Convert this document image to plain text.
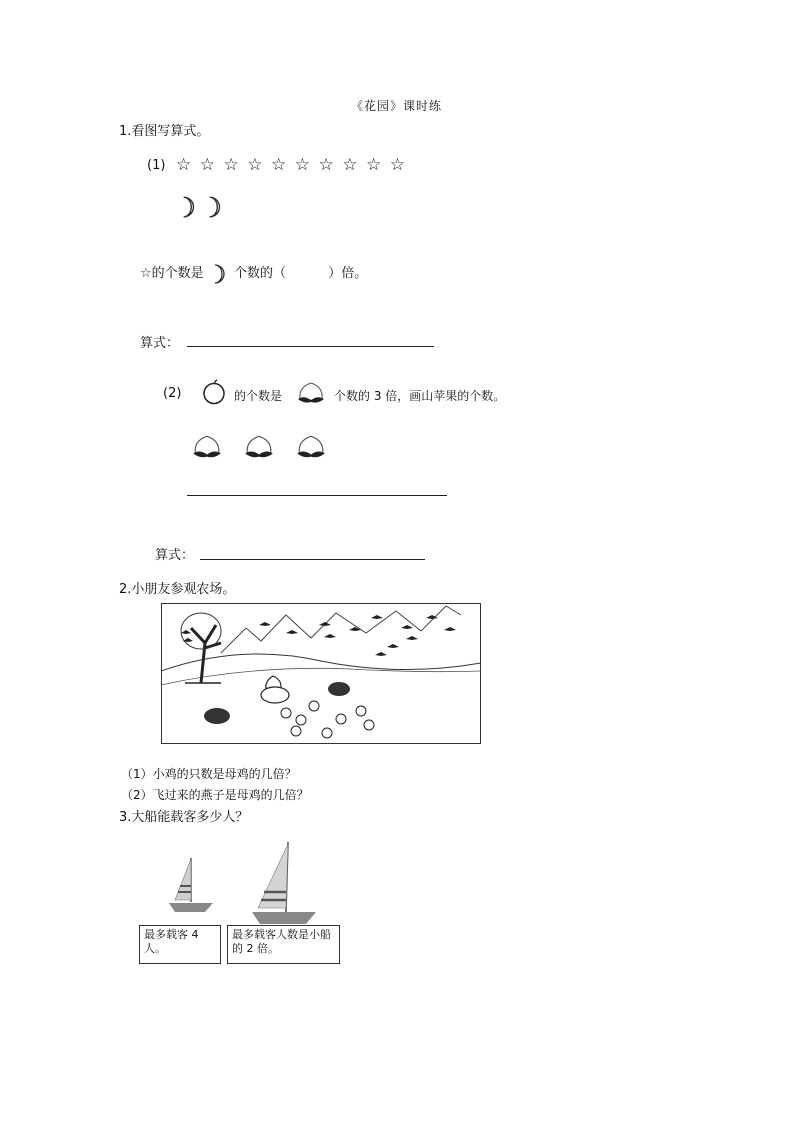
《花园》课时练
1.看图写算式。
(1) ☆ ☆ ☆ ☆ ☆ ☆ ☆ ☆ ☆ ☆
☆的个数是 个数的（	）倍。
算式：
(2)	的个数是	个数的 3 倍，画山苹果的个数。
算式：
2.小朋友参观农场。
（1）小鸡的只数是母鸡的几倍？
（2）飞过来的燕子是母鸡的几倍？
3.大船能载客多少人？
最多载客 4 人。
最多载客人数是小船的 2 倍。
